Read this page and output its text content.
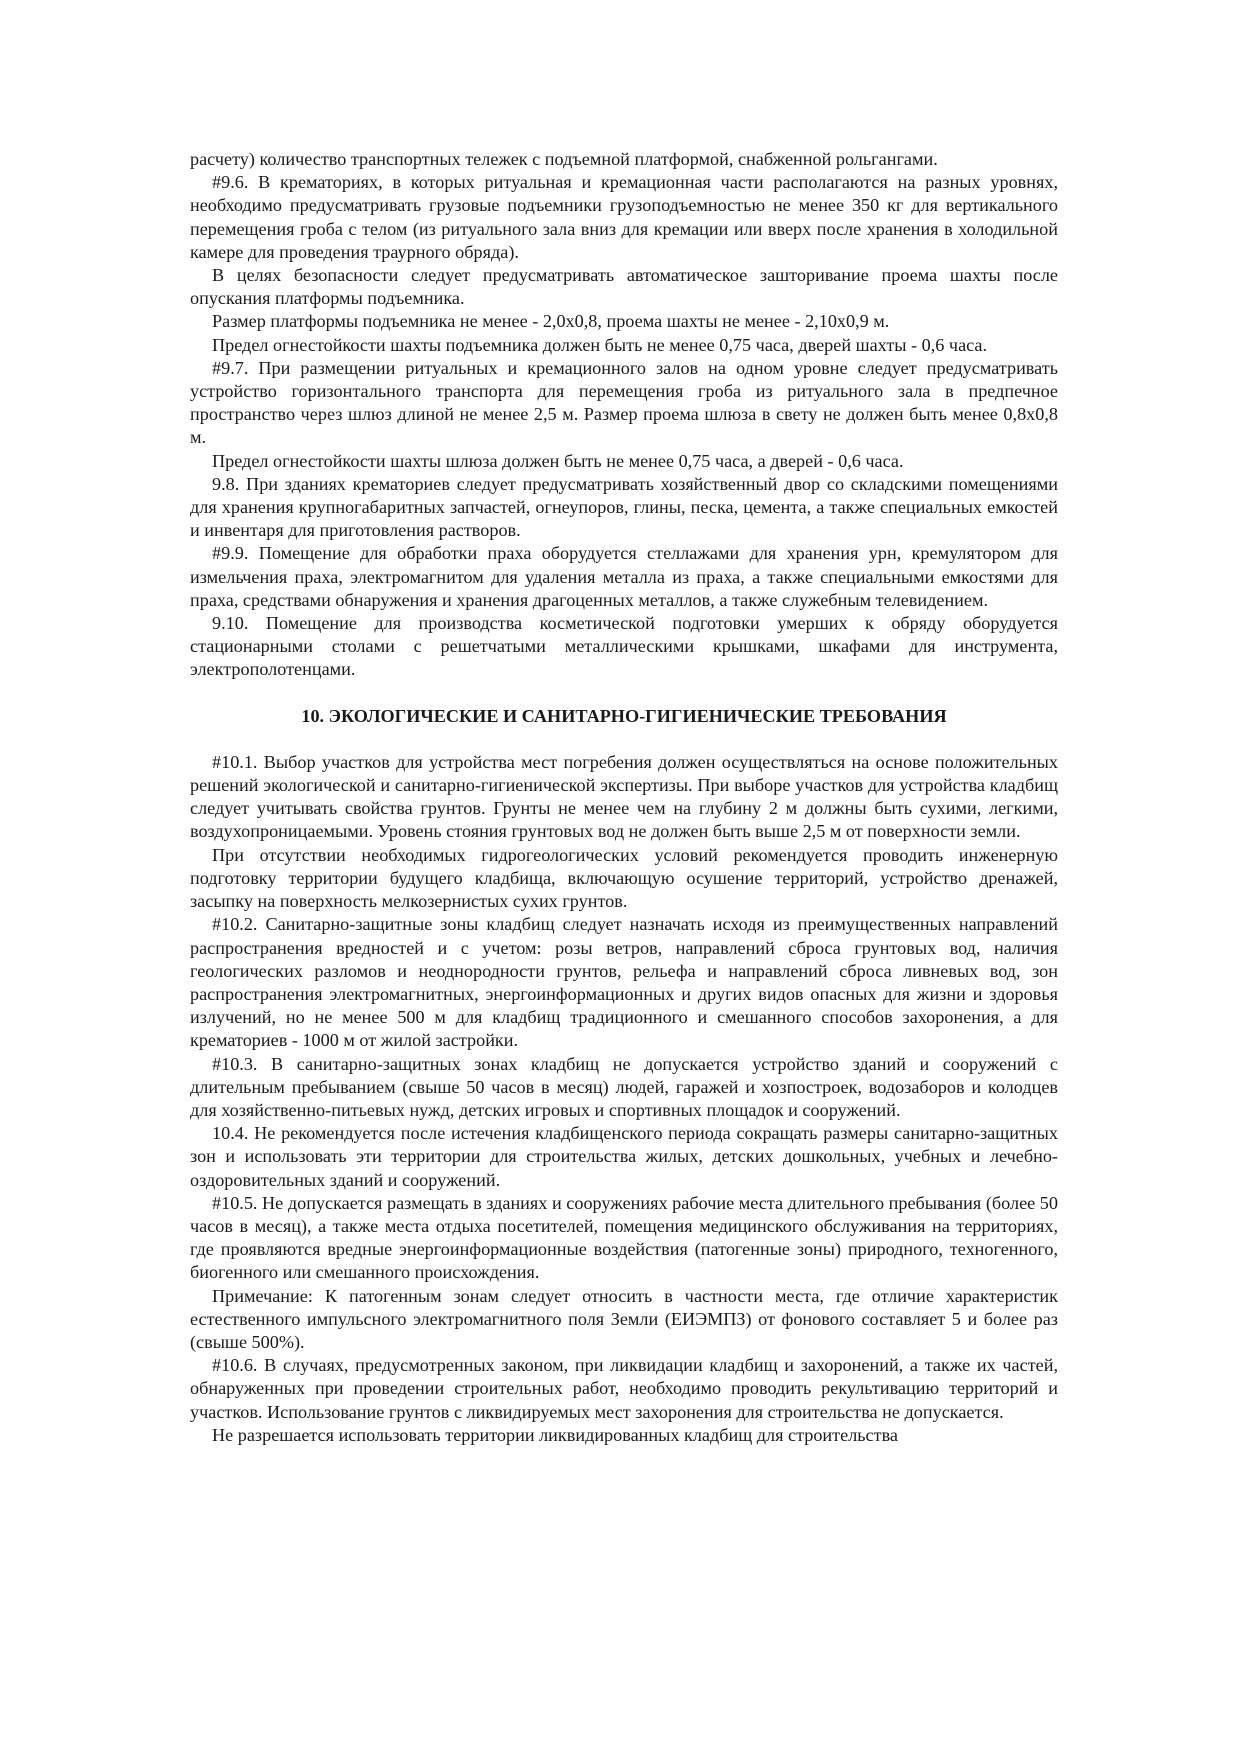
расчету) количество транспортных тележек с подъемной платформой, снабженной рольгангами.

#9.6. В крематориях, в которых ритуальная и кремационная части располагаются на разных уровнях, необходимо предусматривать грузовые подъемники грузоподъемностью не менее 350 кг для вертикального перемещения гроба с телом (из ритуального зала вниз для кремации или вверх после хранения в холодильной камере для проведения траурного обряда).

В целях безопасности следует предусматривать автоматическое зашторивание проема шахты после опускания платформы подъемника.

Размер платформы подъемника не менее - 2,0х0,8, проема шахты не менее - 2,10х0,9 м.

Предел огнестойкости шахты подъемника должен быть не менее 0,75 часа, дверей шахты - 0,6 часа.

#9.7. При размещении ритуальных и кремационного залов на одном уровне следует предусматривать устройство горизонтального транспорта для перемещения гроба из ритуального зала в предпечное пространство через шлюз длиной не менее 2,5 м. Размер проема шлюза в свету не должен быть менее 0,8х0,8 м.

Предел огнестойкости шахты шлюза должен быть не менее 0,75 часа, а дверей - 0,6 часа.

9.8. При зданиях крематориев следует предусматривать хозяйственный двор со складскими помещениями для хранения крупногабаритных запчастей, огнеупоров, глины, песка, цемента, а также специальных емкостей и инвентаря для приготовления растворов.

#9.9. Помещение для обработки праха оборудуется стеллажами для хранения урн, кремулятором для измельчения праха, электромагнитом для удаления металла из праха, а также специальными емкостями для праха, средствами обнаружения и хранения драгоценных металлов, а также служебным телевидением.

9.10. Помещение для производства косметической подготовки умерших к обряду оборудуется стационарными столами с решетчатыми металлическими крышками, шкафами для инструмента, электрополотенцами.

10. ЭКОЛОГИЧЕСКИЕ И САНИТАРНО-ГИГИЕНИЧЕСКИЕ ТРЕБОВАНИЯ

#10.1. Выбор участков для устройства мест погребения должен осуществляться на основе положительных решений экологической и санитарно-гигиенической экспертизы. При выборе участков для устройства кладбищ следует учитывать свойства грунтов. Грунты не менее чем на глубину 2 м должны быть сухими, легкими, воздухопроницаемыми. Уровень стояния грунтовых вод не должен быть выше 2,5 м от поверхности земли.

При отсутствии необходимых гидрогеологических условий рекомендуется проводить инженерную подготовку территории будущего кладбища, включающую осушение территорий, устройство дренажей, засыпку на поверхность мелкозернистых сухих грунтов.

#10.2. Санитарно-защитные зоны кладбищ следует назначать исходя из преимущественных направлений распространения вредностей и с учетом: розы ветров, направлений сброса грунтовых вод, наличия геологических разломов и неоднородности грунтов, рельефа и направлений сброса ливневых вод, зон распространения электромагнитных, энергоинформационных и других видов опасных для жизни и здоровья излучений, но не менее 500 м для кладбищ традиционного и смешанного способов захоронения, а для крематориев - 1000 м от жилой застройки.

#10.3. В санитарно-защитных зонах кладбищ не допускается устройство зданий и сооружений с длительным пребыванием (свыше 50 часов в месяц) людей, гаражей и хозпостроек, водозаборов и колодцев для хозяйственно-питьевых нужд, детских игровых и спортивных площадок и сооружений.

10.4. Не рекомендуется после истечения кладбищенского периода сокращать размеры санитарно-защитных зон и использовать эти территории для строительства жилых, детских дошкольных, учебных и лечебно-оздоровительных зданий и сооружений.

#10.5. Не допускается размещать в зданиях и сооружениях рабочие места длительного пребывания (более 50 часов в месяц), а также места отдыха посетителей, помещения медицинского обслуживания на территориях, где проявляются вредные энергоинформационные воздействия (патогенные зоны) природного, техногенного, биогенного или смешанного происхождения.

Примечание: К патогенным зонам следует относить в частности места, где отличие характеристик естественного импульсного электромагнитного поля Земли (ЕИЭМПЗ) от фонового составляет 5 и более раз (свыше 500%).

#10.6. В случаях, предусмотренных законом, при ликвидации кладбищ и захоронений, а также их частей, обнаруженных при проведении строительных работ, необходимо проводить рекультивацию территорий и участков. Использование грунтов с ликвидируемых мест захоронения для строительства не допускается.

Не разрешается использовать территории ликвидированных кладбищ для строительства
